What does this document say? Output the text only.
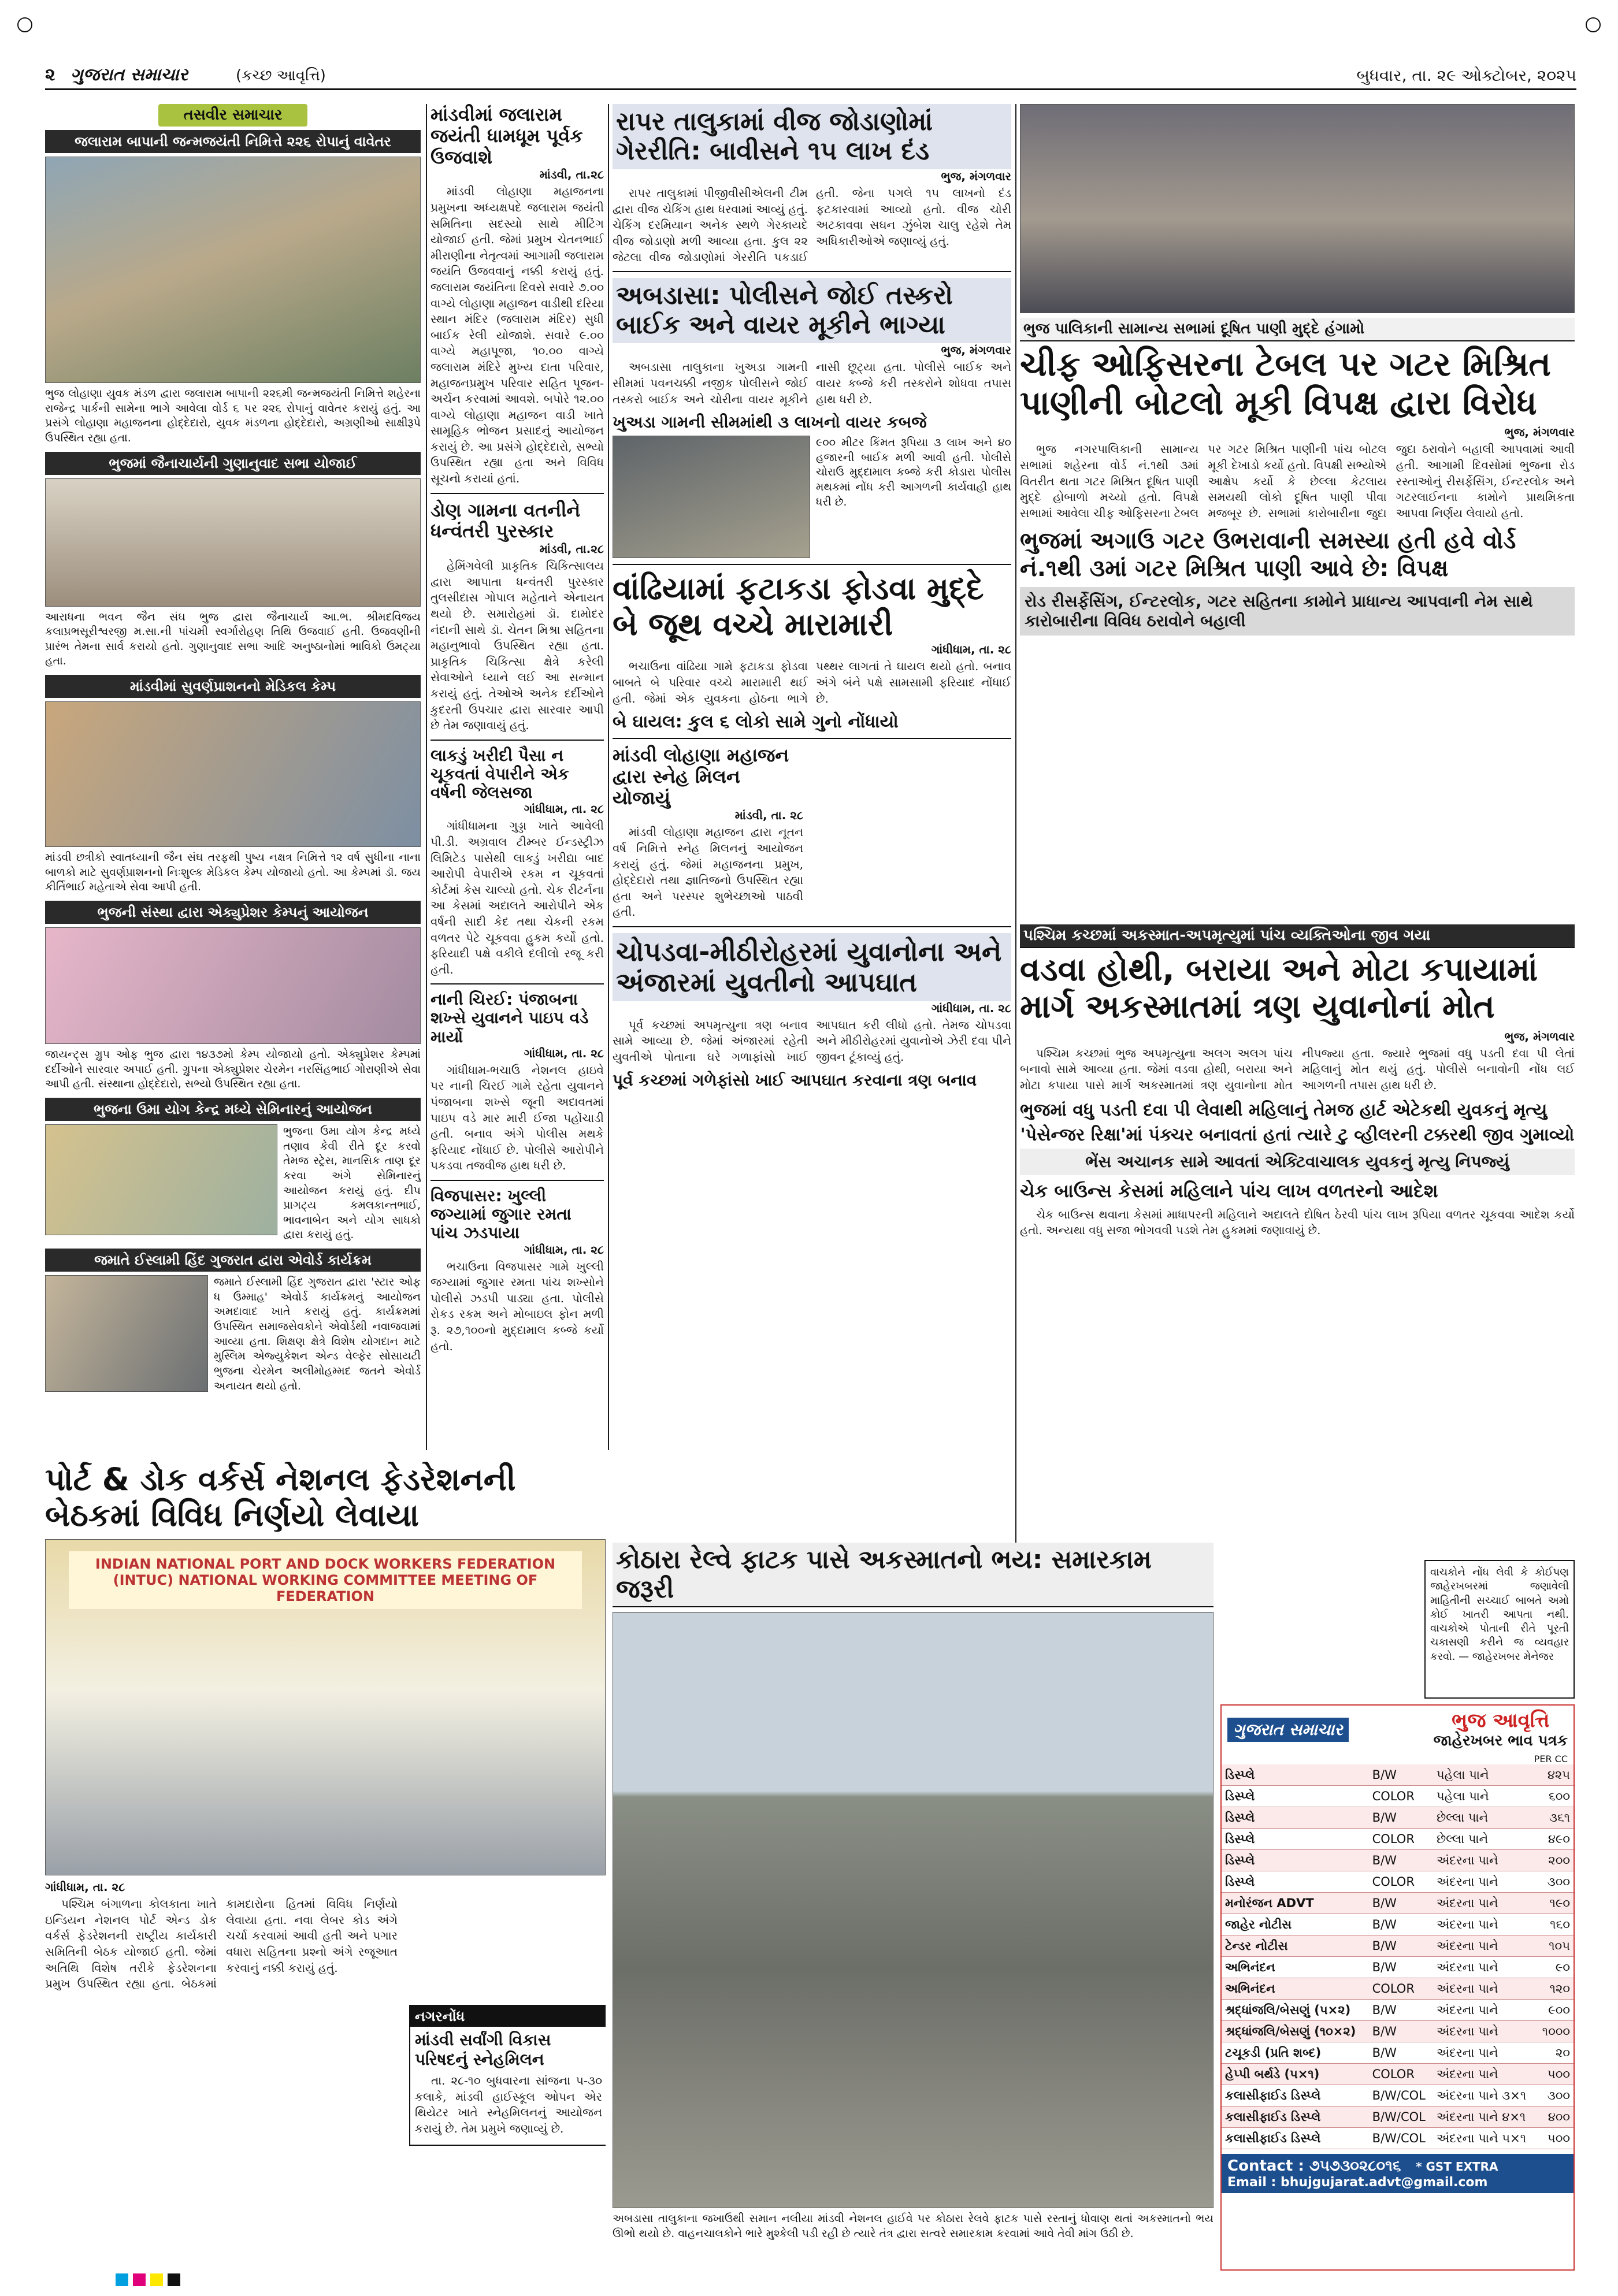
૨ ગુજરાત સમાચાર	(કચ્છ આવૃત્તિ)	બુધવાર, તા. ૨૯ ઓક્ટોબર, ૨૦૨૫
તસવીર સમાચાર
જલારામ બાપાની જન્મજયંતી નિમિત્તે ૨૨૬ રોપાનું વાવેતર

ભુજ લોહાણા યુવક મંડળ દ્વારા જલારામ બાપાની ૨૨૬મી જન્મજયંતી નિમિત્તે શહેરના રાજેન્દ્ર પાર્કની સામેના ભાગે આવેલા વોર્ડ ૬ પર ૨૨૬ રોપાનું વાવેતર કરાયું હતું. આ પ્રસંગે લોહાણા મહાજનના હોદ્દેદારો, યુવક મંડળના હોદ્દેદારો, અગ્રણીઓ સાક્ષીરૂપે ઉપસ્થિત રહ્યા હતા.

ભુજમાં જૈનાચાર્યની ગુણાનુવાદ સભા યોજાઈ

આરાધના ભવન જૈન સંઘ ભુજ દ્વારા જૈનાચાર્ય આ.ભ. શ્રીમદવિજય કલાપ્રભસૂરીશ્વરજી મ.સા.ની પાંચમી સ્વર્ગારોહણ તિથિ ઉજવાઈ હતી. ઉજવણીની પ્રારંભ તેમના સાર્વ કરાયો હતો. ગુણાનુવાદ સભા આદિ અનુષ્ઠાનોમાં ભાવિકો ઉમટ્યા હતા.

માંડવીમાં સુવર્ણપ્રાશનનો મેડિકલ કેમ્પ

માંડવી છત્રીકો સ્વાતધ્યાની જૈન સંઘ તરફથી પુષ્ય નક્ષત્ર નિમિત્તે ૧૨ વર્ષ સુધીના નાના બાળકો માટે સુવર્ણપ્રાશનનો નિઃશુલ્ક મેડિકલ કેમ્પ યોજાયો હતો. આ કેમ્પમાં ડૉ. જય કીર્તિભાઈ મહેતાએ સેવા આપી હતી.

ભુજની સંસ્થા દ્વારા એક્યુપ્રેશર કેમ્પનું આયોજન

જાયન્ટ્સ ગ્રુપ ઓફ ભુજ દ્વારા ૧૪૩૭મો કેમ્પ યોજાયો હતો. એક્યુપ્રેશર કેમ્પમાં દર્દીઓને સારવાર અપાઈ હતી. ગ્રુપના એક્યુપ્રેશર ચેરમેન નરસિંહભાઈ ગોરાણીએ સેવા આપી હતી. સંસ્થાના હોદ્દેદારો, સભ્યો ઉપસ્થિત રહ્યા હતા.

ભુજના ઉમા યોગ કેન્દ્ર મધ્યે સેમિનારનું આયોજન

ભુજના ઉમા યોગ કેન્દ્ર મધ્યે તણાવ કેવી રીતે દૂર કરવો તેમજ સ્ટ્રેસ, માનસિક તાણ દૂર કરવા અંગે સેમિનારનું આયોજન કરાયું હતું. દીપ પ્રાગટ્ય કમલકાન્તભાઈ, ભાવનાબેન અને યોગ સાધકો દ્વારા કરાયું હતું.

જમાતે ઈસ્લામી હિંદ ગુજરાત દ્વારા એવોર્ડ કાર્યક્રમ

જમાતે ઈસ્લામી હિંદ ગુજરાત દ્વારા 'સ્ટાર ઓફ ધ ઉમ્માહ' એવોર્ડ કાર્યક્રમનું આયોજન અમદાવાદ ખાતે કરાયું હતું. કાર્યક્રમમાં ઉપસ્થિત સમાજસેવકોને એવોર્ડથી નવાજવામાં આવ્યા હતા. શિક્ષણ ક્ષેત્રે વિશેષ યોગદાન માટે મુસ્લિમ એજ્યુકેશન એન્ડ વેલ્ફેર સોસાયટી ભુજના ચેરમેન અલીમોહમ્મદ જતને એવોર્ડ અનાયત થયો હતો.

માંડવીમાં જલારામ જયંતી ધામધૂમ પૂર્વક ઉજવાશે
માંડવી, તા.૨૮

માંડવી લોહાણા મહાજનના પ્રમુખના અધ્યક્ષપદે જલારામ જયંતી સમિતિના સદસ્યો સાથે મીટિંગ યોજાઈ હતી. જેમાં પ્રમુખ ચેતનભાઈ મીરાણીના નેતૃત્વમાં આગામી જલારામ જયંતિ ઉજવવાનું નક્કી કરાયું હતું. જલારામ જયંતિના દિવસે સવારે ૭.૦૦ વાગ્યે લોહાણા મહાજન વાડીથી દરિયા સ્થાન મંદિર (જલારામ મંદિર) સુધી બાઈક રેલી યોજાશે. સવારે ૯.૦૦ વાગ્યે મહાપૂજા, ૧૦.૦૦ વાગ્યે જલારામ મંદિરે મુખ્ય દાતા પરિવાર, મહાજનપ્રમુખ પરિવાર સહિત પૂજન-અર્ચન કરવામાં આવશે. બપોરે ૧૨.૦૦ વાગ્યે લોહાણા મહાજન વાડી ખાતે સામૂહિક ભોજન પ્રસાદનું આયોજન કરાયું છે. આ પ્રસંગે હોદ્દેદારો, સભ્યો ઉપસ્થિત રહ્યા હતા અને વિવિધ સૂચનો કરાયાં હતાં.

ડોણ ગામના વતનીને ધન્વંતરી પુરસ્કાર
માંડવી, તા.૨૮

હેમિંગવેલી પ્રાકૃતિક ચિકિત્સાલય દ્વારા આપાતા ધન્વંતરી પુરસ્કાર તુલસીદાસ ગોપાલ મહેતાને એનાયત થયો છે. સમારોહમાં ડૉ. દામોદર નંદાની સાથે ડૉ. ચેતન મિશ્રા સહિતના મહાનુભાવો ઉપસ્થિત રહ્યા હતા. પ્રાકૃતિક ચિકિત્સા ક્ષેત્રે કરેલી સેવાઓને ધ્યાને લઈ આ સન્માન કરાયું હતું. તેઓએ અનેક દર્દીઓને કુદરતી ઉપચાર દ્વારા સારવાર આપી છે તેમ જણાવાયું હતું.

લાકડું ખરીદી પૈસા ન ચૂકવતાં વેપારીને એક વર્ષની જેલસજા
ગાંધીધામ, તા. ૨૮

ગાંધીધામના ગુડ્ડા ખાતે આવેલી પી.ડી. અગ્રવાલ ટીમ્બર ઈન્ડસ્ટ્રીઝ લિમિટેડ પાસેથી લાકડું ખરીદ્યા બાદ આરોપી વેપારીએ રકમ ન ચૂકવતાં કોર્ટમાં કેસ ચાલ્યો હતો. ચેક રીટર્નના આ કેસમાં અદાલતે આરોપીને એક વર્ષની સાદી કેદ તથા ચેકની રકમ વળતર પેટે ચૂકવવા હુકમ કર્યો હતો. ફરિયાદી પક્ષે વકીલે દલીલો રજૂ કરી હતી.

નાની ચિરઈ: પંજાબના શખ્સે યુવાનને પાઇપ વડે માર્યો
ગાંધીધામ, તા. ૨૮

ગાંધીધામ-ભચાઉ નેશનલ હાઇવે પર નાની ચિરઈ ગામે રહેતા યુવાનને પંજાબના શખ્સે જૂની અદાવતમાં પાઇપ વડે માર મારી ઈજા પહોંચાડી હતી. બનાવ અંગે પોલીસ મથકે ફરિયાદ નોંધાઈ છે. પોલીસે આરોપીને પકડવા તજવીજ હાથ ધરી છે.

વિજપાસર: ખુલ્લી જગ્યામાં જુગાર રમતા પાંચ ઝડપાયા
ગાંધીધામ, તા. ૨૮

ભચાઉના વિજપાસર ગામે ખુલ્લી જગ્યામાં જુગાર રમતા પાંચ શખ્સોને પોલીસે ઝડપી પાડ્યા હતા. પોલીસે રોકડ રકમ અને મોબાઇલ ફોન મળી રૂ. ૨૭,૧૦૦નો મુદ્દામાલ કબ્જે કર્યો હતો.

રાપર તાલુકામાં વીજ જોડાણોમાં ગેરરીતિ: બાવીસને ૧૫ લાખ દંડ
ભુજ, મંગળવાર

રાપર તાલુકામાં પીજીવીસીએલની ટીમ દ્વારા વીજ ચેકિંગ હાથ ધરવામાં આવ્યું હતું. ચેકિંગ દરમિયાન અનેક સ્થળે ગેરકાયદે વીજ જોડાણો મળી આવ્યા હતા. કુલ ૨૨ જેટલા વીજ જોડાણોમાં ગેરરીતિ પકડાઈ હતી. જેના પગલે ૧૫ લાખનો દંડ ફટકારવામાં આવ્યો હતો. વીજ ચોરી અટકાવવા સઘન ઝુંબેશ ચાલુ રહેશે તેમ અધિકારીઓએ જણાવ્યું હતું.

અબડાસા: પોલીસને જોઈ તસ્કરો બાઈક અને વાયર મૂકીને ભાગ્યા
ભુજ, મંગળવાર

અબડાસા તાલુકાના ખુઅડા ગામની સીમમાં પવનચક્કી નજીક પોલીસને જોઈ તસ્કરો બાઈક અને ચોરીના વાયર મૂકીને નાસી છૂટ્યા હતા. પોલીસે બાઈક અને વાયર કબ્જે કરી તસ્કરોને શોધવા તપાસ હાથ ધરી છે.

ખુઅડા ગામની સીમમાંથી ૩ લાખનો વાયર કબજે

૯૦૦ મીટર કિંમત રૂપિયા ૩ લાખ અને ૪૦ હજારની બાઈક મળી આવી હતી. પોલીસે ચોરાઉ મુદ્દામાલ કબ્જે કરી કોડારા પોલીસ મથકમાં નોંધ કરી આગળની કાર્યવાહી હાથ ધરી છે.

વાંઢિયામાં ફટાકડા ફોડવા મુદ્દે બે જૂથ વચ્ચે મારામારી
ગાંધીધામ, તા. ૨૮

ભચાઉના વાંઢિયા ગામે ફટાકડા ફોડવા બાબતે બે પરિવાર વચ્ચે મારામારી થઈ હતી. જેમાં એક યુવકના હોઠના ભાગે પથ્થર લાગતાં તે ઘાયલ થયો હતો. બનાવ અંગે બંને પક્ષે સામસામી ફરિયાદ નોંધાઈ છે.

બે ઘાયલ: કુલ ૬ લોકો સામે ગુનો નોંધાયો
માંડવી લોહાણા મહાજન દ્વારા સ્નેહ મિલન યોજાયું
માંડવી, તા. ૨૮

માંડવી લોહાણા મહાજન દ્વારા નૂતન વર્ષ નિમિત્તે સ્નેહ મિલનનું આયોજન કરાયું હતું. જેમાં મહાજનના પ્રમુખ, હોદ્દેદારો તથા જ્ઞાતિજનો ઉપસ્થિત રહ્યા હતા અને પરસ્પર શુભેચ્છાઓ પાઠવી હતી.

ચોપડવા-મીઠીરોહરમાં યુવાનોના અને અંજારમાં યુવતીનો આપઘાત
ગાંધીધામ, તા. ૨૮

પૂર્વ કચ્છમાં અપમૃત્યુના ત્રણ બનાવ સામે આવ્યા છે. જેમાં અંજારમાં રહેતી યુવતીએ પોતાના ઘરે ગળાફાંસો ખાઈ આપઘાત કરી લીધો હતો. તેમજ ચોપડવા અને મીઠીરોહરમાં યુવાનોએ ઝેરી દવા પીને જીવન ટૂંકાવ્યું હતું.

પૂર્વ કચ્છમાં ગળેફાંસો ખાઈ આપઘાત કરવાના ત્રણ બનાવ
ભુજ પાલિકાની સામાન્ય સભામાં દૂષિત પાણી મુદ્દે હંગામો
ચીફ ઓફિસરના ટેબલ પર ગટર મિશ્રિત પાણીની બોટલો મૂકી વિપક્ષ દ્વારા વિરોધ
ભુજ, મંગળવાર

ભુજ નગરપાલિકાની સામાન્ય સભામાં શહેરના વોર્ડ નં.૧થી ૩માં વિતરીત થતા ગટર મિશ્રિત દૂષિત પાણી મુદ્દે હોબાળો મચ્યો હતો. વિપક્ષે સભામાં આવેલા ચીફ ઓફિસરના ટેબલ પર ગટર મિશ્રિત પાણીની પાંચ બોટલ મૂકી દેખાડો કર્યો હતો. વિપક્ષી સભ્યોએ આક્ષેપ કર્યો કે છેલ્લા કેટલાય સમયથી લોકો દૂષિત પાણી પીવા મજબૂર છે. સભામાં કારોબારીના જુદા જુદા ઠરાવોને બહાલી આપવામાં આવી હતી. આગામી દિવસોમાં ભુજના રોડ રસ્તાઓનું રીસર્ફેસિંગ, ઈન્ટરલોક અને ગટરલાઈનના કામોને પ્રાથમિકતા આપવા નિર્ણય લેવાયો હતો.

ભુજમાં અગાઉ ગટર ઉભરાવાની સમસ્યા હતી હવે વોર્ડ નં.૧થી ૩માં ગટર મિશ્રિત પાણી આવે છે: વિપક્ષ
રોડ રીસર્ફેસિંગ, ઈન્ટરલોક, ગટર સહિતના કામોને પ્રાધાન્ય આપવાની નેમ સાથે કારોબારીના વિવિધ ઠરાવોને બહાલી
પશ્ચિમ કચ્છમાં અકસ્માત-અપમૃત્યુમાં પાંચ વ્યક્તિઓના જીવ ગયા
વડવા હોથી, બરાયા અને મોટા કપાયામાં માર્ગ અકસ્માતમાં ત્રણ યુવાનોનાં મોત
ભુજ, મંગળવાર

પશ્ચિમ કચ્છમાં ભુજ અપમૃત્યુના અલગ અલગ પાંચ બનાવો સામે આવ્યા હતા. જેમાં વડવા હોથી, બરાયા અને મોટા કપાયા પાસે માર્ગ અકસ્માતમાં ત્રણ યુવાનોના મોત નીપજ્યા હતા. જ્યારે ભુજમાં વધુ પડતી દવા પી લેતાં મહિલાનું મોત થયું હતું. પોલીસે બનાવોની નોંધ લઈ આગળની તપાસ હાથ ધરી છે.

ભુજમાં વધુ પડતી દવા પી લેવાથી મહિલાનું તેમજ હાર્ટ એટેકથી યુવકનું મૃત્યુ
'પેસેન્જર રિક્ષા'માં પંક્ચર બનાવતાં હતાં ત્યારે ટુ વ્હીલરની ટક્કરથી જીવ ગુમાવ્યો
ભેંસ અચાનક સામે આવતાં એક્ટિવાચાલક યુવકનું મૃત્યુ નિપજ્યું
ચેક બાઉન્સ કેસમાં મહિલાને પાંચ લાખ વળતરનો આદેશ

ચેક બાઉન્સ થવાના કેસમાં માધાપરની મહિલાને અદાલતે દોષિત ઠેરવી પાંચ લાખ રૂપિયા વળતર ચૂકવવા આદેશ કર્યો હતો. અન્યથા વધુ સજા ભોગવવી પડશે તેમ હુકમમાં જણાવાયું છે.

વાચકોને નોંધ લેવી કે કોઈપણ જાહેરખબરમાં જણાવેલી માહિતીની સચ્ચાઈ બાબતે અમો કોઈ ખાતરી આપતા નથી. વાચકોએ પોતાની રીતે પૂરતી ચકાસણી કરીને જ વ્યવહાર કરવો. — જાહેરખબર મેનેજર

ગુજરાત સમાચાર	ભુજ આવૃત્તિ
જાહેરખબર ભાવ પત્રક
PER CC
ડિસ્પ્લે	B/W	પહેલા પાને	૪૨૫
ડિસ્પ્લે	COLOR	પહેલા પાને	૬૦૦
ડિસ્પ્લે	B/W	છેલ્લા પાને	૩૬૧
ડિસ્પ્લે	COLOR	છેલ્લા પાને	૪૯૦
ડિસ્પ્લે	B/W	અંદરના પાને	૨૦૦
ડિસ્પ્લે	COLOR	અંદરના પાને	૩૦૦
મનોરંજન ADVT	B/W	અંદરના પાને	૧૯૦
જાહેર નોટીસ	B/W	અંદરના પાને	૧૬૦
ટેન્ડર નોટીસ	B/W	અંદરના પાને	૧૦૫
અભિનંદન	B/W	અંદરના પાને	૯૦
અભિનંદન	COLOR	અંદરના પાને	૧૨૦
શ્રદ્ધાંજલિ/બેસણું (૫×૨)	B/W	અંદરના પાને	૯૦૦
શ્રદ્ધાંજલિ/બેસણું (૧૦×૨)	B/W	અંદરના પાને	૧૦૦૦
ટચૂકડી (પ્રતિ શબ્દ)	B/W	અંદરના પાને	૨૦
હેપ્પી બર્થડે (૫×૧)	COLOR	અંદરના પાને	૫૦૦
કલાસીફાઈડ ડિસ્પ્લે	B/W/COL	અંદરના પાને ૩×૧	૩૦૦
કલાસીફાઈડ ડિસ્પ્લે	B/W/COL	અંદરના પાને ૪×૧	૪૦૦
કલાસીફાઈડ ડિસ્પ્લે	B/W/COL	અંદરના પાને ૫×૧	૫૦૦
Contact : ૭૫૭૩૦૨૮૦૧૬ * GST EXTRA
Email : bhujgujarat.advt@gmail.com
કોઠારા રેલ્વે ફાટક પાસે અકસ્માતનો ભય: સમારકામ જરૂરી

અબડાસા તાલુકાના જખાઉથી સમાન નલીયા માંડવી નેશનલ હાઈવે પર કોઠારા રેલવે ફાટક પાસે રસ્તાનું ધોવાણ થતાં અકસ્માતનો ભય ઊભો થયો છે. વાહનચાલકોને ભારે મુશ્કેલી પડી રહી છે ત્યારે તંત્ર દ્વારા સત્વરે સમારકામ કરવામાં આવે તેવી માંગ ઉઠી છે.

પોર્ટ & ડોક વર્કર્સ નેશનલ ફેડરેશનની બેઠકમાં વિવિધ નિર્ણયો લેવાયા
INDIAN NATIONAL PORT AND DOCK WORKERS FEDERATION (INTUC) NATIONAL WORKING COMMITTEE MEETING OF FEDERATION
ગાંધીધામ, તા. ૨૮

પશ્ચિમ બંગાળના કોલકાતા ખાતે ઇન્ડિયન નેશનલ પોર્ટ એન્ડ ડોક વર્કર્સ ફેડરેશનની રાષ્ટ્રીય કાર્યકારી સમિતિની બેઠક યોજાઈ હતી. જેમાં અતિથિ વિશેષ તરીકે ફેડરેશનના પ્રમુખ ઉપસ્થિત રહ્યા હતા. બેઠકમાં કામદારોના હિતમાં વિવિધ નિર્ણયો લેવાયા હતા. નવા લેબર કોડ અંગે ચર્ચા કરવામાં આવી હતી અને પગાર વધારા સહિતના પ્રશ્નો અંગે રજૂઆત કરવાનું નક્કી કરાયું હતું.

નગરનોંધ
માંડવી સર્વાંગી વિકાસ પરિષદનું સ્નેહમિલન

તા. ૨૮-૧૦ બુધવારના સાંજના ૫-૩૦ કલાકે, માંડવી હાઈસ્કૂલ ઓપન એર થિયેટર ખાતે સ્નેહમિલનનું આયોજન કરાયું છે. તેમ પ્રમુખે જણાવ્યું છે.
